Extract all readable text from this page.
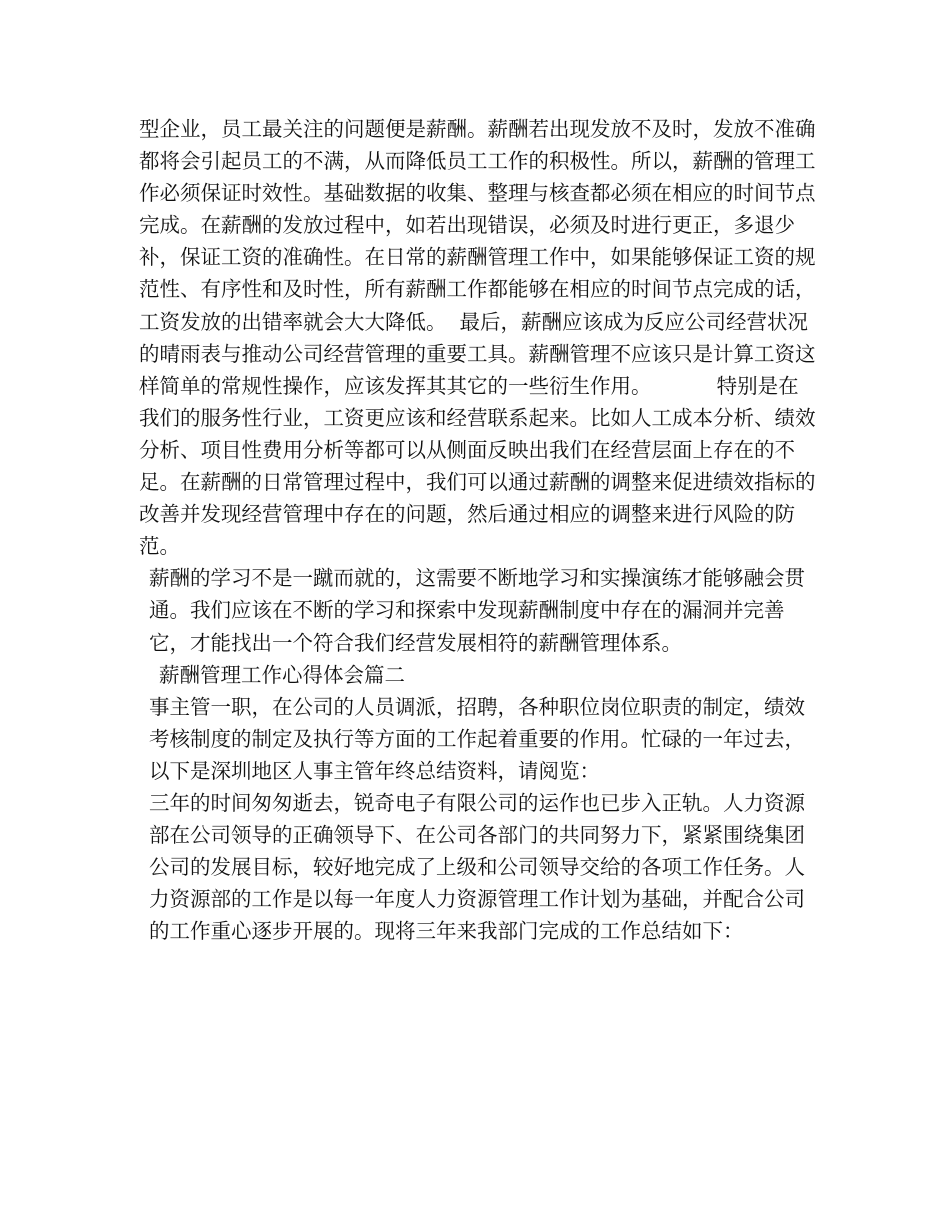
型企业，员工最关注的问题便是薪酬。薪酬若出现发放不及时，发放不准确都将会引起员工的不满，从而降低员工工作的积极性。所以，薪酬的管理工作必须保证时效性。基础数据的收集、整理与核查都必须在相应的时间节点完成。在薪酬的发放过程中，如若出现错误，必须及时进行更正，多退少补，保证工资的准确性。在日常的薪酬管理工作中，如果能够保证工资的规范性、有序性和及时性，所有薪酬工作都能够在相应的时间节点完成的话，工资发放的出错率就会大大降低。  最后，薪酬应该成为反应公司经营状况的晴雨表与推动公司经营管理的重要工具。薪酬管理不应该只是计算工资这样简单的常规性操作，应该发挥其其它的一些衍生作用。          特别是在我们的服务性行业，工资更应该和经营联系起来。比如人工成本分析、绩效分析、项目性费用分析等都可以从侧面反映出我们在经营层面上存在的不足。在薪酬的日常管理过程中，我们可以通过薪酬的调整来促进绩效指标的改善并发现经营管理中存在的问题，然后通过相应的调整来进行风险的防范。

薪酬的学习不是一蹴而就的，这需要不断地学习和实操演练才能够融会贯通。我们应该在不断的学习和探索中发现薪酬制度中存在的漏洞并完善它，才能找出一个符合我们经营发展相符的薪酬管理体系。

薪酬管理工作心得体会篇二

事主管一职，在公司的人员调派，招聘，各种职位岗位职责的制定，绩效考核制度的制定及执行等方面的工作起着重要的作用。忙碌的一年过去，以下是深圳地区人事主管年终总结资料，请阅览：

三年的时间匆匆逝去，锐奇电子有限公司的运作也已步入正轨。人力资源部在公司领导的正确领导下、在公司各部门的共同努力下，紧紧围绕集团公司的发展目标，较好地完成了上级和公司领导交给的各项工作任务。人力资源部的工作是以每一年度人力资源管理工作计划为基础，并配合公司的工作重心逐步开展的。现将三年来我部门完成的工作总结如下：
